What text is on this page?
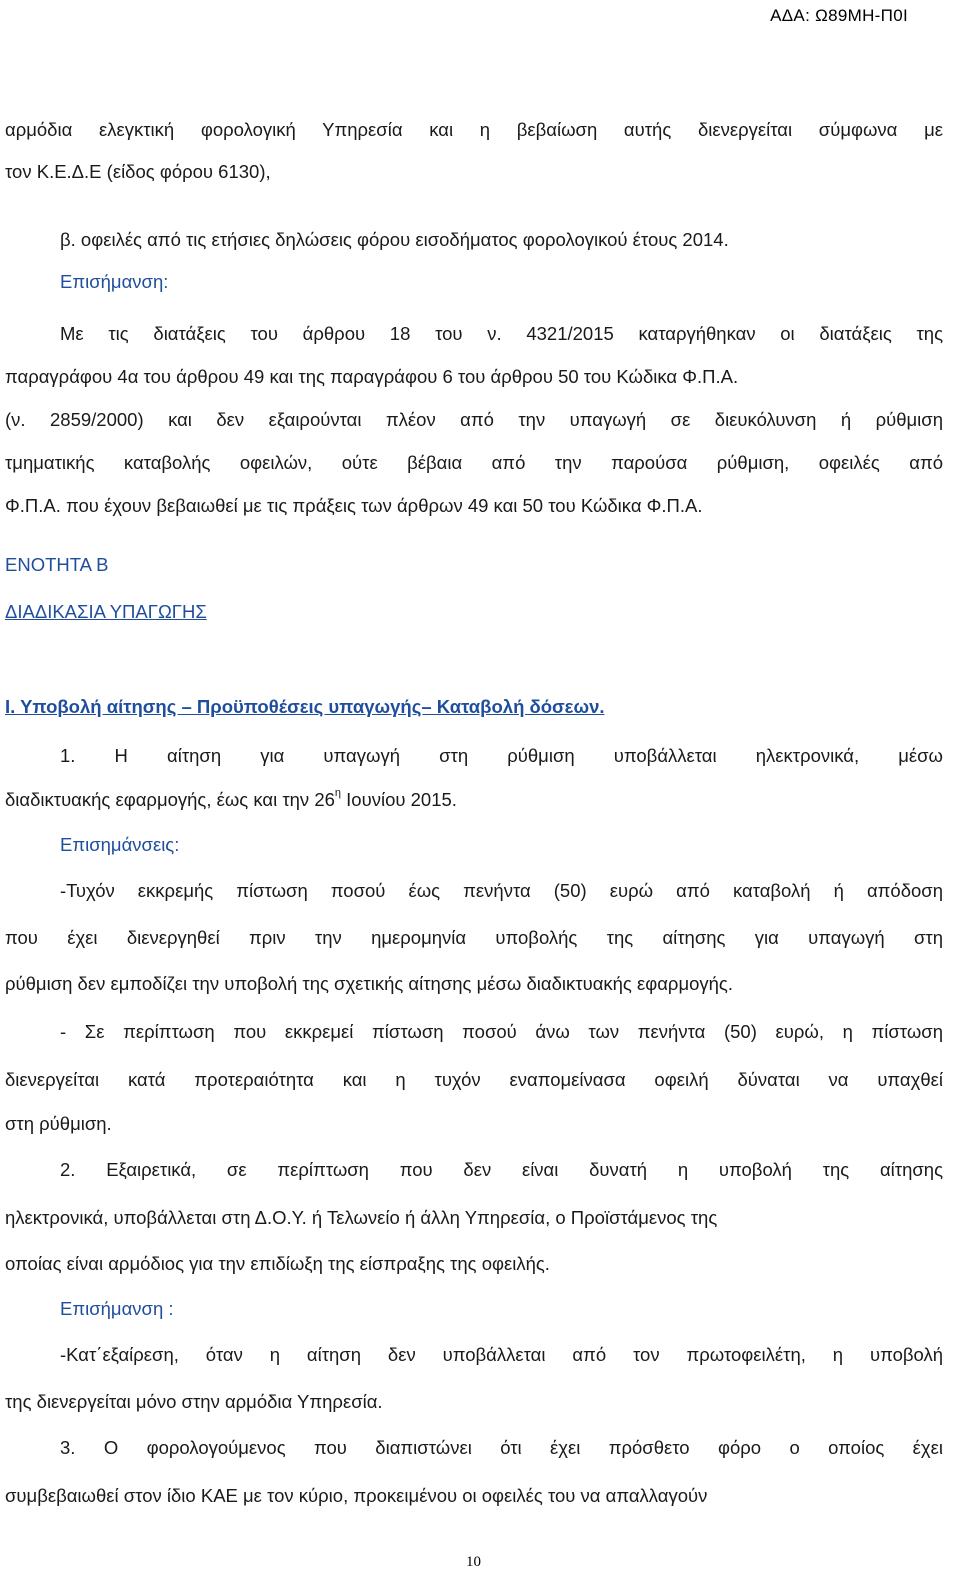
ΑΔΑ: Ω89ΜΗ-Π0Ι
αρμόδια ελεγκτική φορολογική Υπηρεσία και η βεβαίωση αυτής διενεργείται σύμφωνα με
τον Κ.Ε.Δ.Ε (είδος φόρου 6130),
β. οφειλές από τις ετήσιες δηλώσεις φόρου εισοδήματος φορολογικού έτους 2014.
Επισήμανση:
Με τις διατάξεις του άρθρου 18 του ν. 4321/2015 καταργήθηκαν οι διατάξεις της
παραγράφου 4α του άρθρου 49 και της παραγράφου 6 του άρθρου 50 του Κώδικα Φ.Π.Α.
(ν. 2859/2000) και δεν εξαιρούνται πλέον από την υπαγωγή σε διευκόλυνση ή ρύθμιση
τμηματικής καταβολής οφειλών, ούτε βέβαια από την παρούσα ρύθμιση, οφειλές από
Φ.Π.Α. που έχουν βεβαιωθεί με τις πράξεις των άρθρων 49 και 50 του Κώδικα Φ.Π.Α.
ΕΝΟΤΗΤΑ Β
ΔΙΑΔΙΚΑΣΙΑ ΥΠΑΓΩΓΗΣ
Ι. Υποβολή αίτησης – Προϋποθέσεις υπαγωγής– Καταβολή δόσεων.
1. Η αίτηση για υπαγωγή στη ρύθμιση υποβάλλεται ηλεκτρονικά, μέσω
διαδικτυακής εφαρμογής, έως και την $26^\eta$ Ιουνίου 2015.
Επισημάνσεις:
-Τυχόν εκκρεμής πίστωση ποσού έως πενήντα (50) ευρώ από καταβολή ή απόδοση
που έχει διενεργηθεί πριν την ημερομηνία υποβολής της αίτησης για υπαγωγή στη
ρύθμιση δεν εμποδίζει την υποβολή της σχετικής αίτησης μέσω διαδικτυακής εφαρμογής.
- Σε περίπτωση που εκκρεμεί πίστωση ποσού άνω των πενήντα (50) ευρώ, η πίστωση
διενεργείται κατά προτεραιότητα και η τυχόν εναπομείνασα οφειλή δύναται να υπαχθεί
στη ρύθμιση.
2. Εξαιρετικά, σε περίπτωση που δεν είναι δυνατή η υποβολή της αίτησης
ηλεκτρονικά, υποβάλλεται στη Δ.Ο.Υ. ή Τελωνείο ή άλλη Υπηρεσία, ο Προϊστάμενος της
οποίας είναι αρμόδιος για την επιδίωξη της είσπραξης της οφειλής.
Επισήμανση :
-Κατ΄εξαίρεση, όταν η αίτηση δεν υποβάλλεται από τον πρωτοφειλέτη, η υποβολή
της διενεργείται μόνο στην αρμόδια Υπηρεσία.
3. Ο φορολογούμενος που διαπιστώνει ότι έχει πρόσθετο φόρο ο οποίος έχει
συμβεβαιωθεί στον ίδιο ΚΑΕ με τον κύριο, προκειμένου οι οφειλές του να απαλλαγούν
10
